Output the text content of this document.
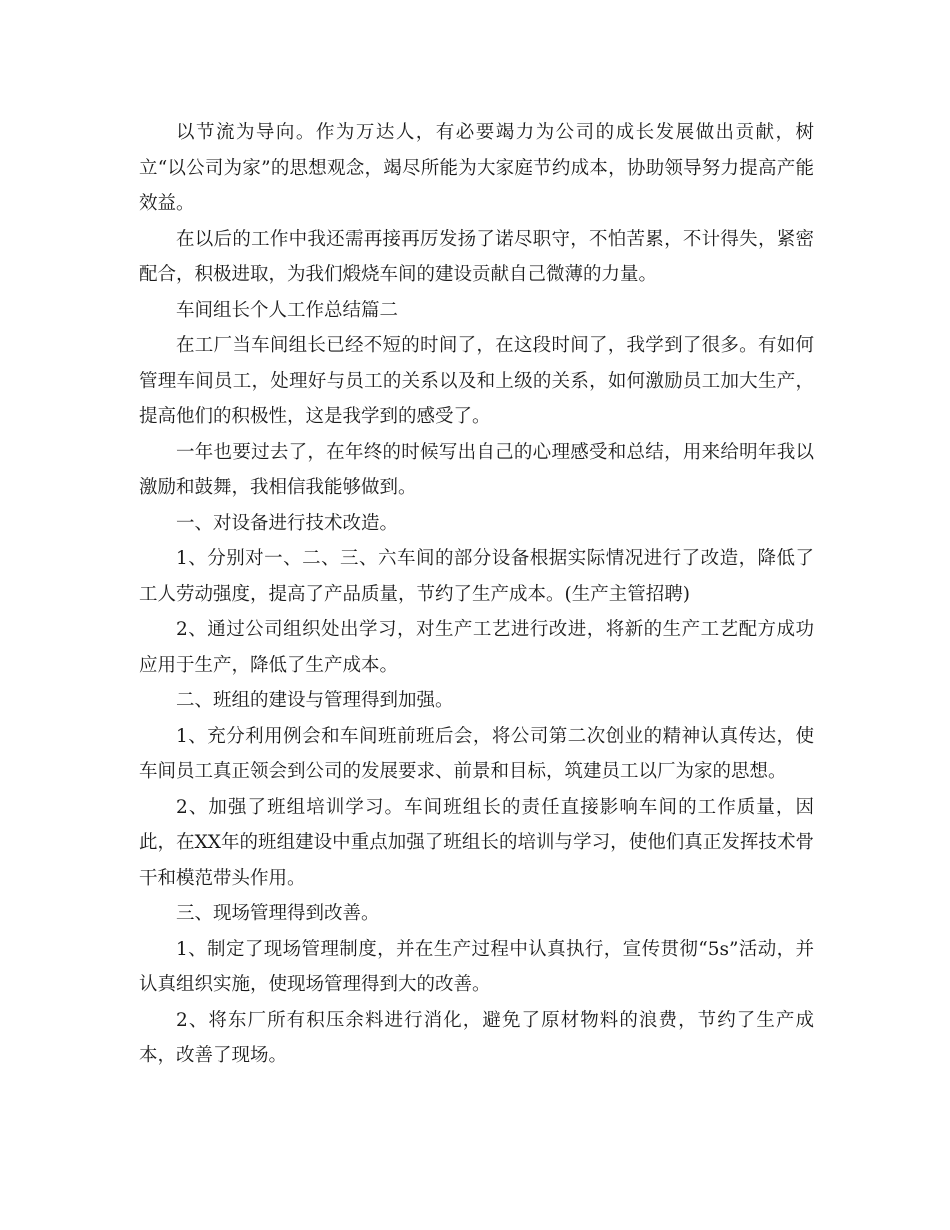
以节流为导向。作为万达人，有必要竭力为公司的成长发展做出贡献，树立“以公司为家”的思想观念，竭尽所能为大家庭节约成本，协助领导努力提高产能效益。

在以后的工作中我还需再接再厉发扬了诺尽职守，不怕苦累，不计得失，紧密配合，积极进取，为我们煅烧车间的建设贡献自己微薄的力量。

车间组长个人工作总结篇二

在工厂当车间组长已经不短的时间了，在这段时间了，我学到了很多。有如何管理车间员工，处理好与员工的关系以及和上级的关系，如何激励员工加大生产，提高他们的积极性，这是我学到的感受了。

一年也要过去了，在年终的时候写出自己的心理感受和总结，用来给明年我以激励和鼓舞，我相信我能够做到。

一、对设备进行技术改造。

1、分别对一、二、三、六车间的部分设备根据实际情况进行了改造，降低了工人劳动强度，提高了产品质量，节约了生产成本。(生产主管招聘)

2、通过公司组织处出学习，对生产工艺进行改进，将新的生产工艺配方成功应用于生产，降低了生产成本。

二、班组的建设与管理得到加强。

1、充分利用例会和车间班前班后会，将公司第二次创业的精神认真传达，使车间员工真正领会到公司的发展要求、前景和目标，筑建员工以厂为家的思想。

2、加强了班组培训学习。车间班组长的责任直接影响车间的工作质量，因此，在XX年的班组建设中重点加强了班组长的培训与学习，使他们真正发挥技术骨干和模范带头作用。

三、现场管理得到改善。

1、制定了现场管理制度，并在生产过程中认真执行，宣传贯彻“5s”活动，并认真组织实施，使现场管理得到大的改善。

2、将东厂所有积压余料进行消化，避免了原材物料的浪费，节约了生产成本，改善了现场。
